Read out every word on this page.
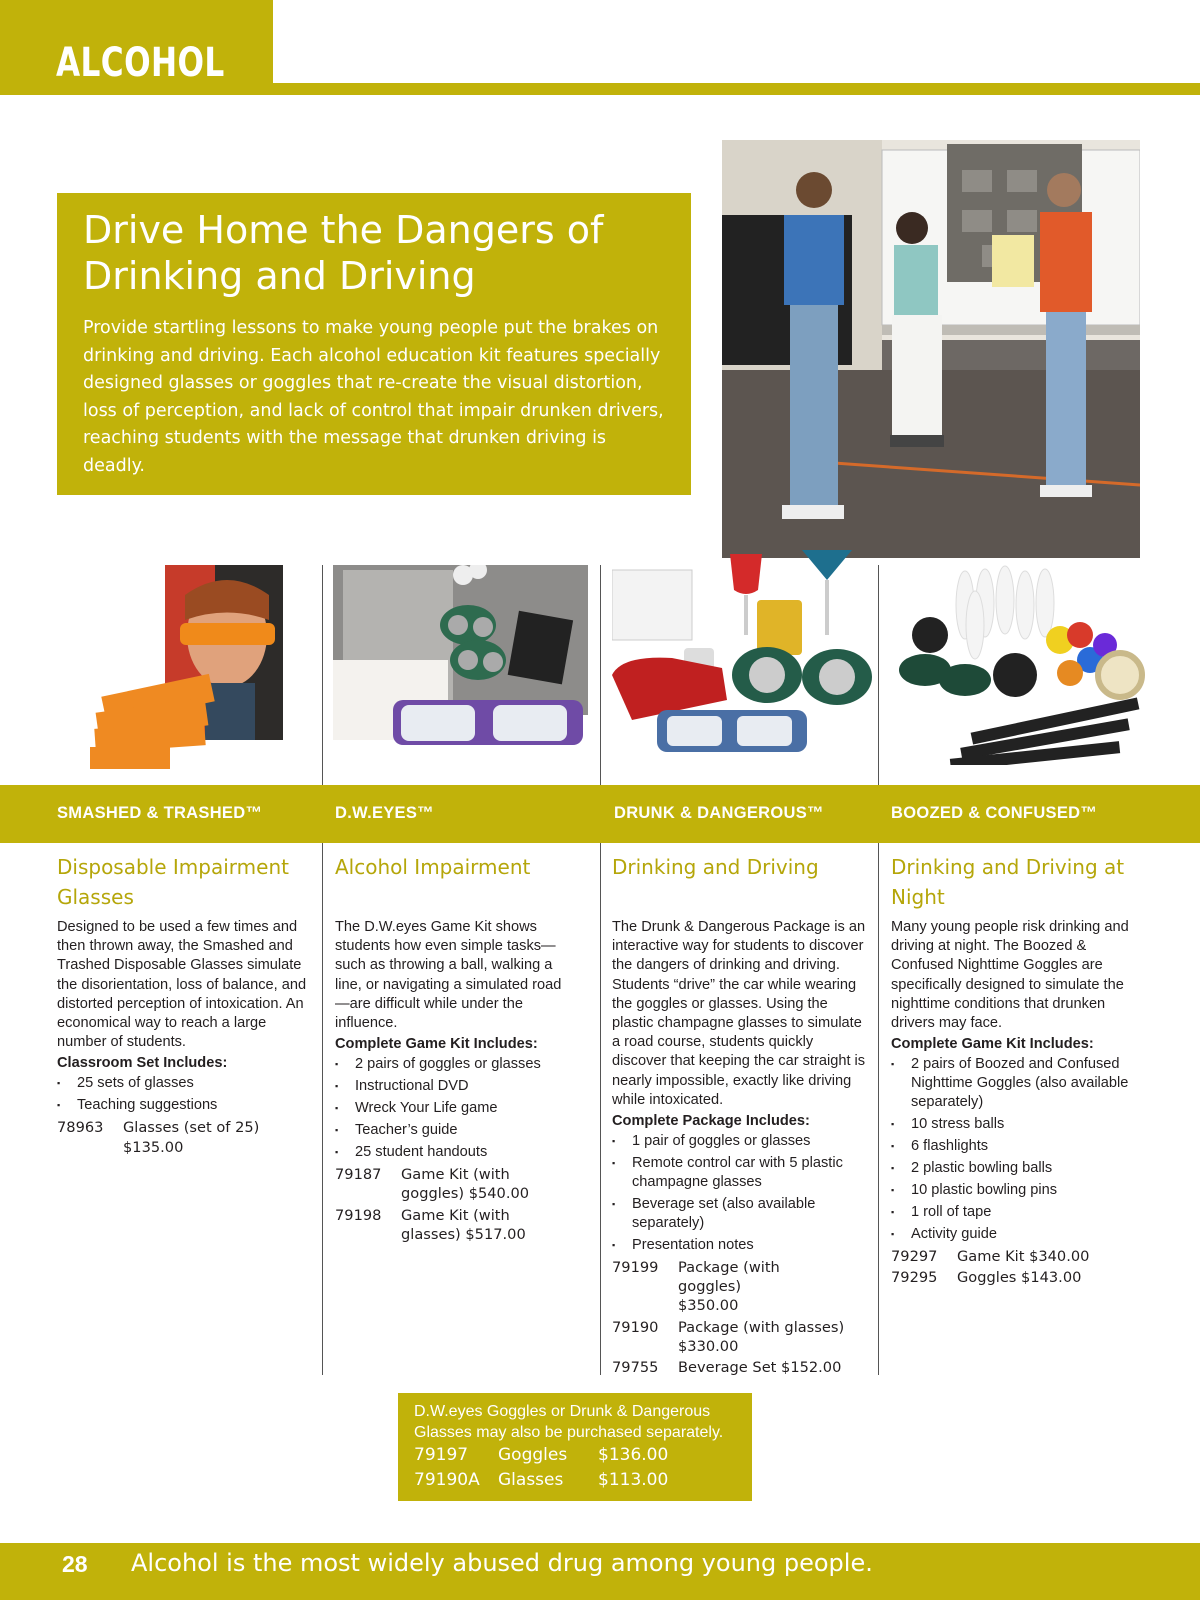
ALCOHOL
Drive Home the Dangers of
Drinking and Driving

Provide startling lessons to make young people put the brakes on drinking and driving. Each alcohol education kit features specially designed glasses or goggles that re-create the visual distortion, loss of perception, and lack of control that impair drunken drivers, reaching students with the message that drunken driving is deadly.

SMASHED & TRASHED™	D.W.EYES™	DRUNK & DANGEROUS™	BOOZED & CONFUSED™
Disposable Impairment Glasses

Designed to be used a few times and then thrown away, the Smashed and Trashed Disposable Glasses simulate the disorientation, loss of balance, and distorted perception of intoxication. An economical way to reach a large number of students.

Classroom Set Includes:
▪ 25 sets of glasses
▪ Teaching suggestions
78963	Glasses (set of 25) $135.00
Alcohol Impairment

The D.W.eyes Game Kit shows students how even simple tasks—such as throwing a ball, walking a line, or navigating a simulated road—are difficult while under the influence.

Complete Game Kit Includes:
▪ 2 pairs of goggles or glasses
▪ Instructional DVD
▪ Wreck Your Life game
▪ Teacher’s guide
▪ 25 student handouts
79187	Game Kit (with goggles) $540.00
79198	Game Kit (with glasses) $517.00
Drinking and Driving

The Drunk & Dangerous Package is an interactive way for students to discover the dangers of drinking and driving. Students “drive” the car while wearing the goggles or glasses. Using the plastic champagne glasses to simulate a road course, students quickly discover that keeping the car straight is nearly impossible, exactly like driving while intoxicated.

Complete Package Includes:
▪ 1 pair of goggles or glasses
▪ Remote control car with 5 plastic champagne glasses
▪ Beverage set (also available separately)
▪ Presentation notes
79199	Package (with goggles) $350.00
79190	Package (with glasses) $330.00
79755	Beverage Set $152.00
Drinking and Driving at Night

Many young people risk drinking and driving at night. The Boozed & Confused Nighttime Goggles are specifically designed to simulate the nighttime conditions that drunken drivers may face.

Complete Game Kit Includes:
▪ 2 pairs of Boozed and Confused Nighttime Goggles (also available separately)
▪ 10 stress balls
▪ 6 flashlights
▪ 2 plastic bowling balls
▪ 10 plastic bowling pins
▪ 1 roll of tape
▪ Activity guide
79297	Game Kit $340.00
79295	Goggles $143.00

D.W.eyes Goggles or Drunk & Dangerous Glasses may also be purchased separately.

79197	Goggles	$136.00
79190A	Glasses	$113.00
28 Alcohol is the most widely abused drug among young people.
